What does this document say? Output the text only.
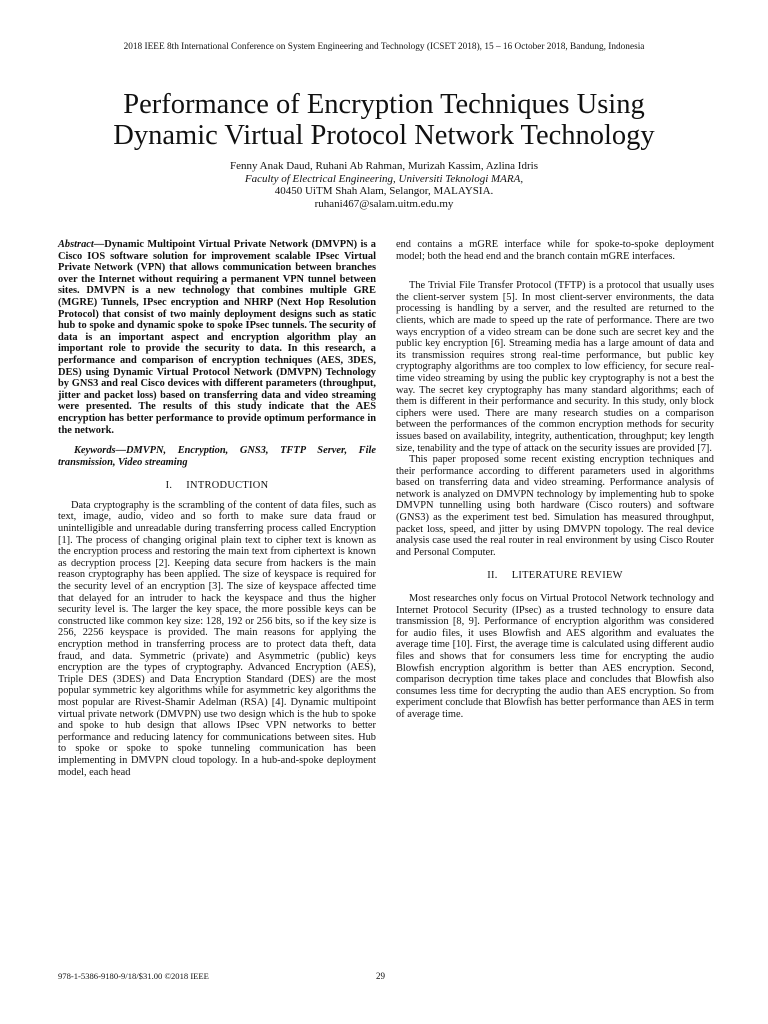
2018 IEEE 8th International Conference on System Engineering and Technology (ICSET 2018), 15 – 16 October 2018, Bandung, Indonesia
Performance of Encryption Techniques Using
Dynamic Virtual Protocol Network Technology
Fenny Anak Daud, Ruhani Ab Rahman, Murizah Kassim, Azlina Idris
Faculty of Electrical Engineering, Universiti Teknologi MARA,
40450 UiTM Shah Alam, Selangor, MALAYSIA.
ruhani467@salam.uitm.edu.my

Abstract—Dynamic Multipoint Virtual Private Network (DMVPN) is a Cisco IOS software solution for improvement scalable IPsec Virtual Private Network (VPN) that allows communication between branches over the Internet without requiring a permanent VPN tunnel between sites. DMVPN is a new technology that combines multiple GRE (MGRE) Tunnels, IPsec encryption and NHRP (Next Hop Resolution Protocol) that consist of two mainly deployment designs such as static hub to spoke and dynamic spoke to spoke IPsec tunnels. The security of data is an important aspect and encryption algorithm play an important role to provide the security to data. In this research, a performance and comparison of encryption techniques (AES, 3DES, DES) using Dynamic Virtual Protocol Network (DMVPN) Technology by GNS3 and real Cisco devices with different parameters (throughput, jitter and packet loss) based on transferring data and video streaming were presented. The results of this study indicate that the AES encryption has better performance to provide optimum performance in the network.

Keywords—DMVPN, Encryption, GNS3, TFTP Server, File transmission, Video streaming

I. INTRODUCTION

Data cryptography is the scrambling of the content of data files, such as text, image, audio, video and so forth to make sure data fraud or unintelligible and unreadable during transferring process called Encryption [1]. The process of changing original plain text to cipher text is known as the encryption process and restoring the main text from ciphertext is known as decryption process [2]. Keeping data secure from hackers is the main reason cryptography has been applied. The size of keyspace is required for the security level of an encryption [3]. The size of keyspace affected time that delayed for an intruder to hack the keyspace and thus the higher security level is. The larger the key space, the more possible keys can be constructed like common key size: 128, 192 or 256 bits, so if the key size is 256, 2256 keyspace is provided. The main reasons for applying the encryption method in transferring process are to protect data theft, data fraud, and data. Symmetric (private) and Asymmetric (public) keys encryption are the types of cryptography. Advanced Encryption (AES), Triple DES (3DES) and Data Encryption Standard (DES) are the most popular symmetric key algorithms while for asymmetric key algorithms the most popular are Rivest-Shamir Adelman (RSA) [4]. Dynamic multipoint virtual private network (DMVPN) use two design which is the hub to spoke and spoke to hub design that allows IPsec VPN networks to better performance and reducing latency for communications between sites. Hub to spoke or spoke to spoke tunneling communication has been implementing in DMVPN cloud topology. In a hub-and-spoke deployment model, each head

end contains a mGRE interface while for spoke-to-spoke deployment model; both the head end and the branch contain mGRE interfaces.

The Trivial File Transfer Protocol (TFTP) is a protocol that usually uses the client-server system [5]. In most client-server environments, the data processing is handling by a server, and the resulted are returned to the clients, which are made to speed up the rate of performance. There are two ways encryption of a video stream can be done such are secret key and the public key encryption [6]. Streaming media has a large amount of data and its transmission requires strong real-time performance, but public key cryptography algorithms are too complex to low efficiency, for secure real-time video streaming by using the public key cryptography is not a best the way. The secret key cryptography has many standard algorithms; each of them is different in their performance and security. In this study, only block ciphers were used. There are many research studies on a comparison between the performances of the common encryption methods for security issues based on availability, integrity, authentication, throughput; key length size, tenability and the type of attack on the security issues are provided [7].

This paper proposed some recent existing encryption techniques and their performance according to different parameters used in algorithms based on transferring data and video streaming. Performance analysis of network is analyzed on DMVPN technology by implementing hub to spoke DMVPN tunnelling using both hardware (Cisco routers) and software (GNS3) as the experiment test bed. Simulation has measured throughput, packet loss, speed, and jitter by using DMVPN topology. The real device analysis case used the real router in real environment by using Cisco Router and Personal Computer.

II. LITERATURE REVIEW

Most researches only focus on Virtual Protocol Network technology and Internet Protocol Security (IPsec) as a trusted technology to ensure data transmission [8, 9]. Performance of encryption algorithm was considered for audio files, it uses Blowfish and AES algorithm and evaluates the average time [10]. First, the average time is calculated using different audio files and shows that for consumers less time for encrypting the audio Blowfish encryption algorithm is better than AES encryption. Second, comparison decryption time takes place and concludes that Blowfish also consumes less time for decrypting the audio than AES encryption. So from experiment conclude that Blowfish has better performance than AES in term of average time.

978-1-5386-9180-9/18/$31.00 ©2018 IEEE	29
